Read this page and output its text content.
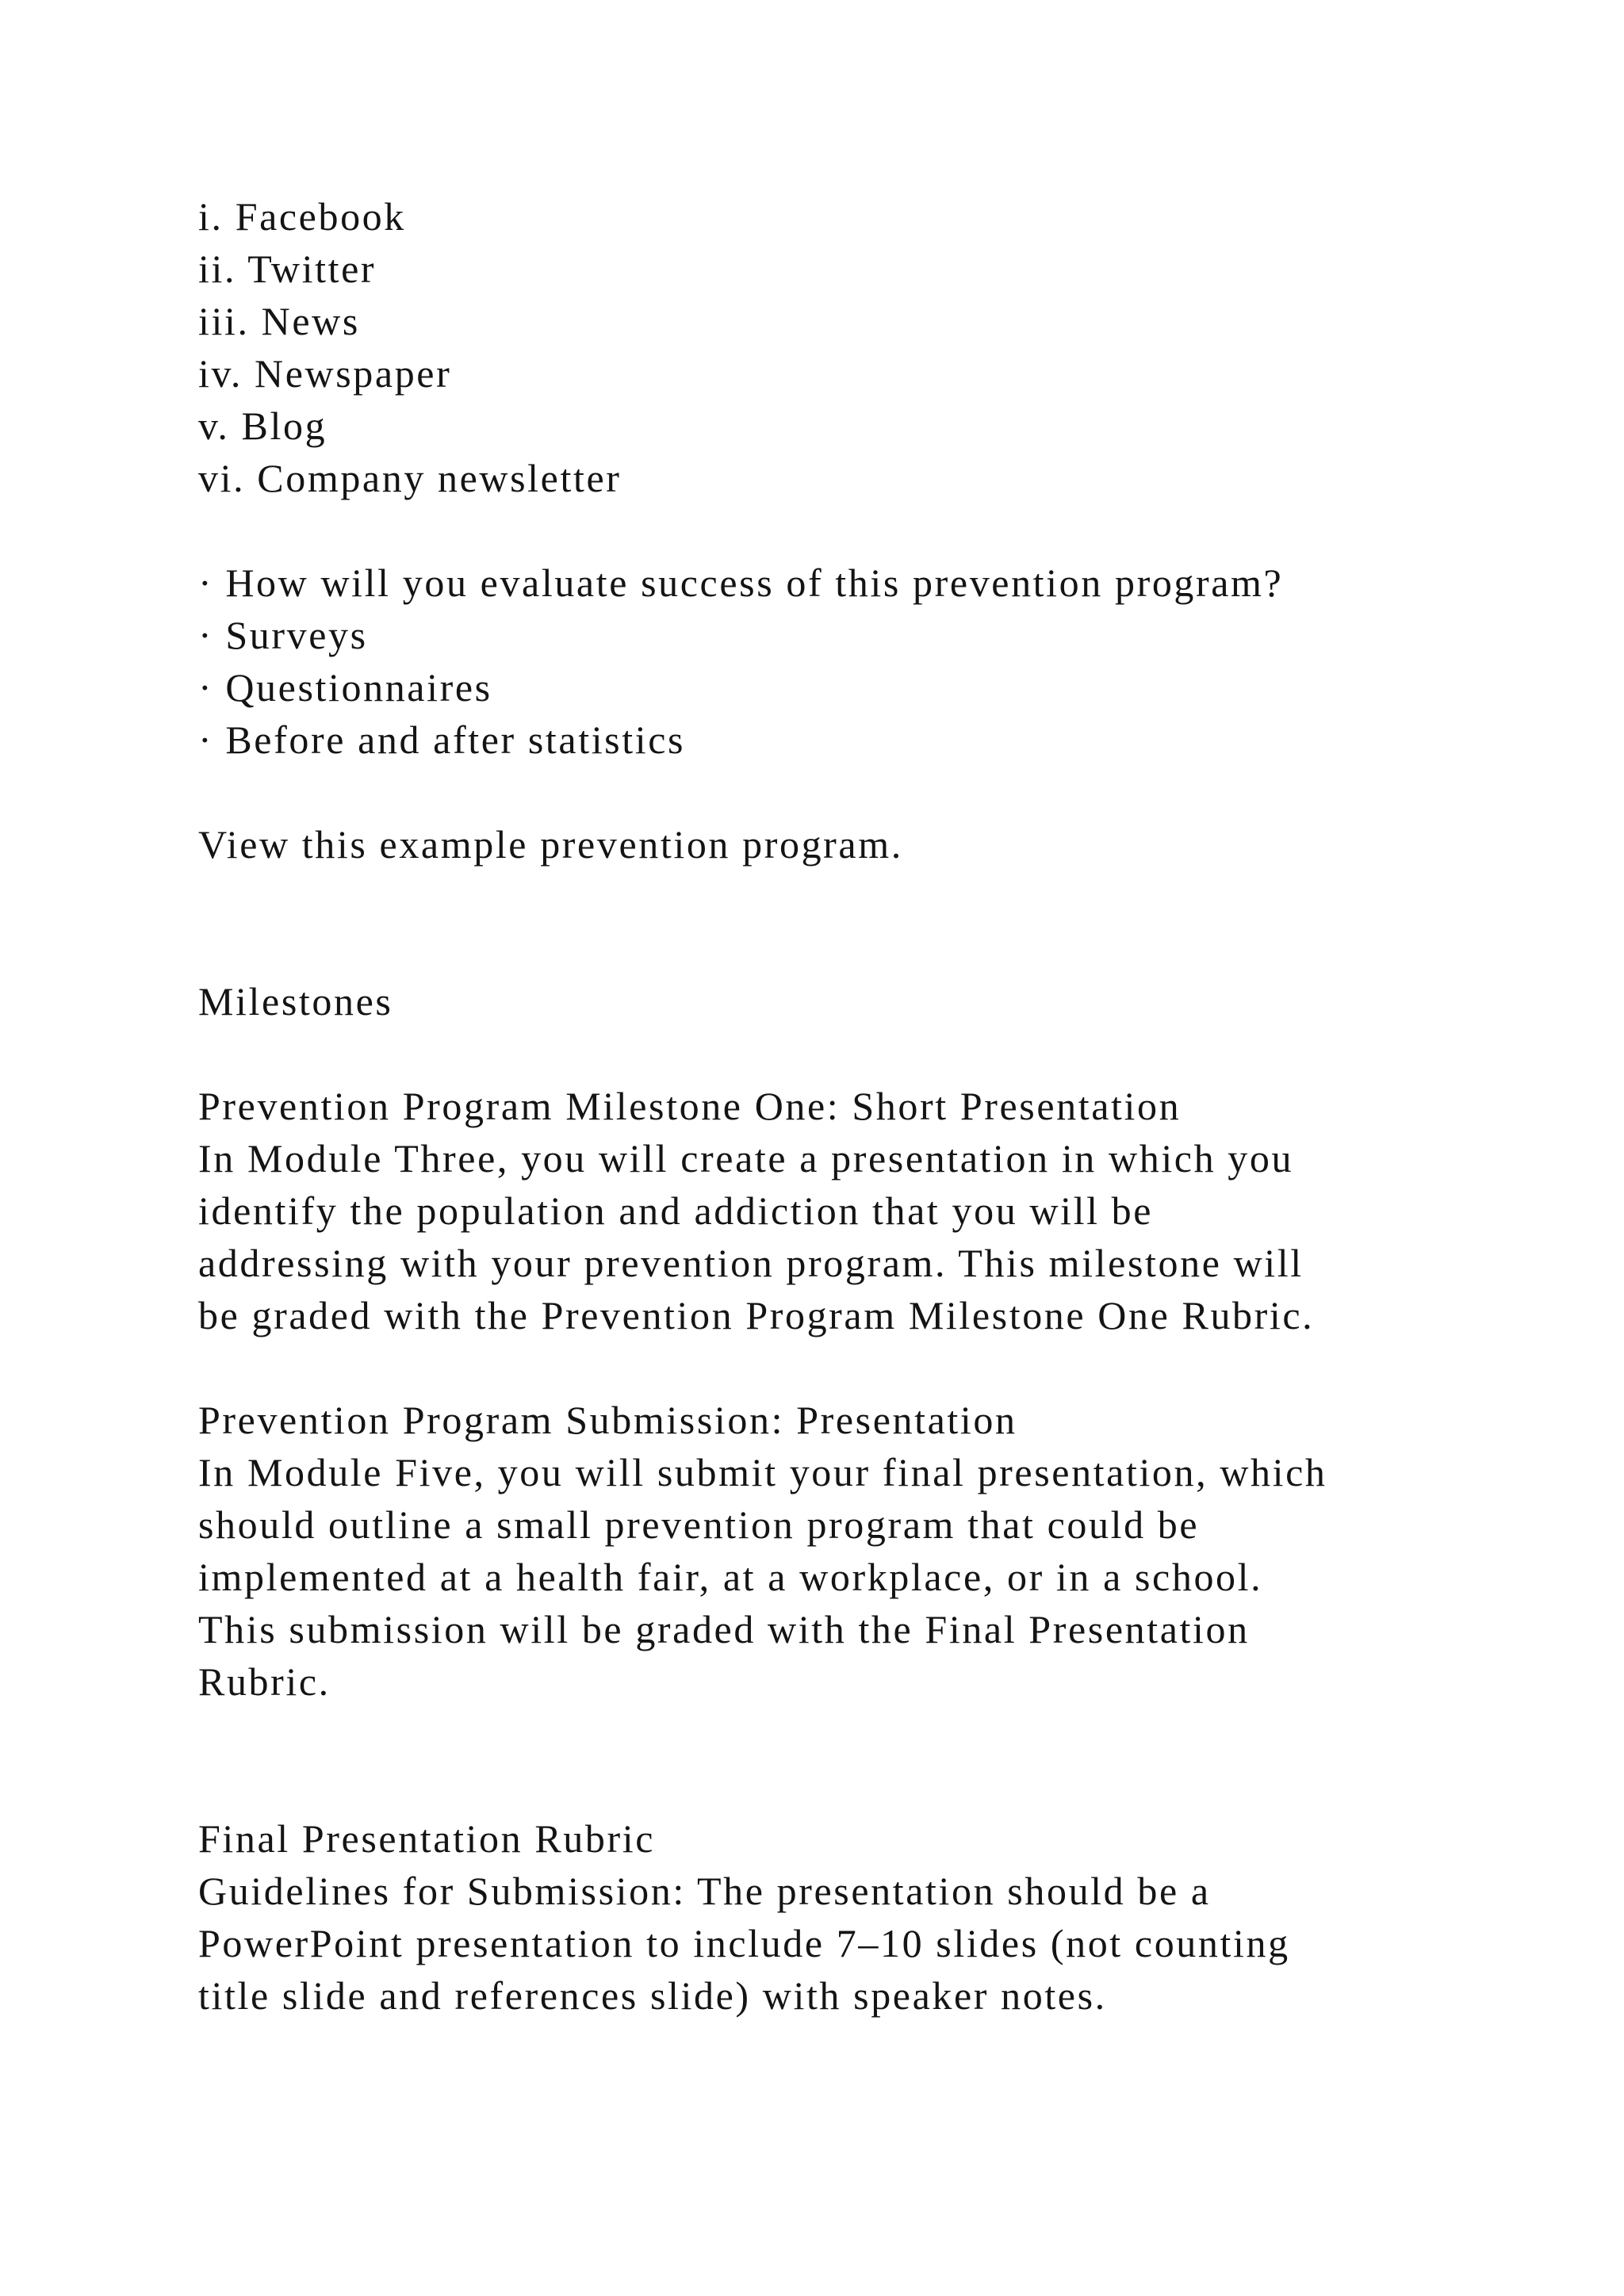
i. Facebook
ii. Twitter
iii. News
iv. Newspaper
v. Blog
vi. Company newsletter
· How will you evaluate success of this prevention program?
· Surveys
· Questionnaires
· Before and after statistics
View this example prevention program.
Milestones
Prevention Program Milestone One: Short Presentation
In Module Three, you will create a presentation in which you
identify the population and addiction that you will be
addressing with your prevention program. This milestone will
be graded with the Prevention Program Milestone One Rubric.
Prevention Program Submission: Presentation
In Module Five, you will submit your final presentation, which
should outline a small prevention program that could be
implemented at a health fair, at a workplace, or in a school.
This submission will be graded with the Final Presentation
Rubric.
Final Presentation Rubric
Guidelines for Submission: The presentation should be a
PowerPoint presentation to include 7–10 slides (not counting
title slide and references slide) with speaker notes.
